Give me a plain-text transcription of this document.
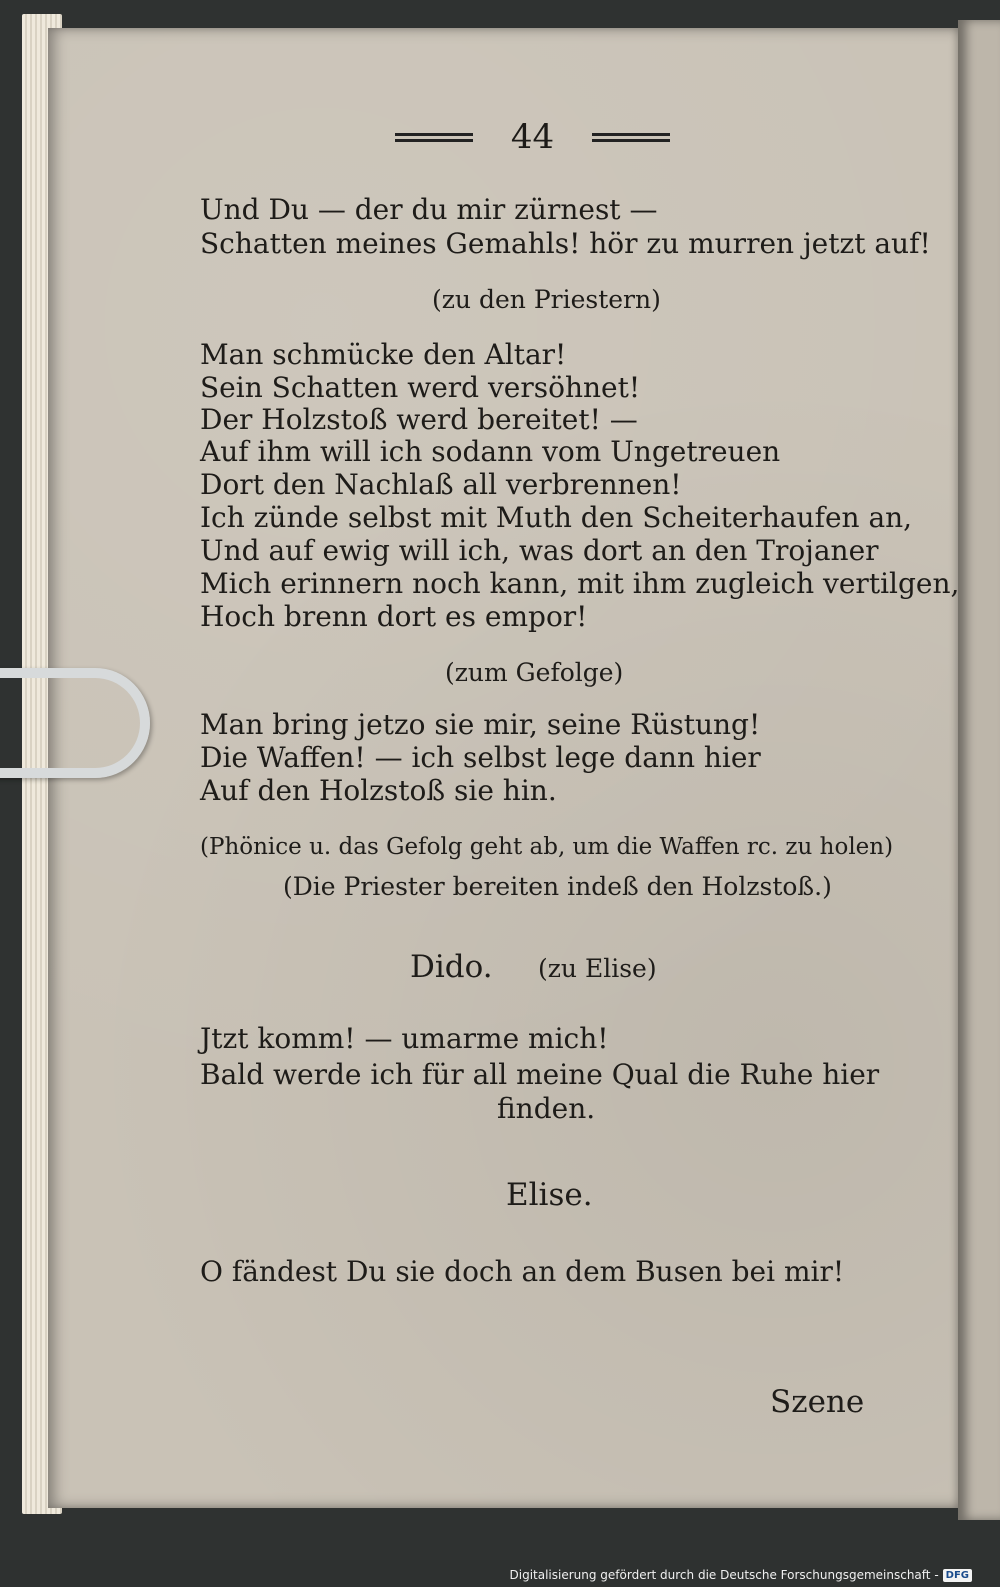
44
Und Du — der du mir zürnest —
Schatten meines Gemahls! hör zu murren jetzt auf!
(zu den Priestern)
Man schmücke den Altar!
Sein Schatten werd versöhnet!
Der Holzstoß werd bereitet! —
Auf ihm will ich sodann vom Ungetreuen
Dort den Nachlaß all verbrennen!
Ich zünde selbst mit Muth den Scheiterhaufen an,
Und auf ewig will ich, was dort an den Trojaner
Mich erinnern noch kann, mit ihm zugleich vertilgen,
Hoch brenn dort es empor!
(zum Gefolge)
Man bring jetzo sie mir, seine Rüstung!
Die Waffen! — ich selbst lege dann hier
Auf den Holzstoß sie hin.
(Phönice u. das Gefolg geht ab, um die Waffen rc. zu holen)
(Die Priester bereiten indeß den Holzstoß.)
Dido. (zu Elise)
Jtzt komm! — umarme mich!
Bald werde ich für all meine Qual die Ruhe hier
finden.
Elise.
O fändest Du sie doch an dem Busen bei mir!
Szene
Digitalisierung gefördert durch die Deutsche Forschungsgemeinschaft - DFG
